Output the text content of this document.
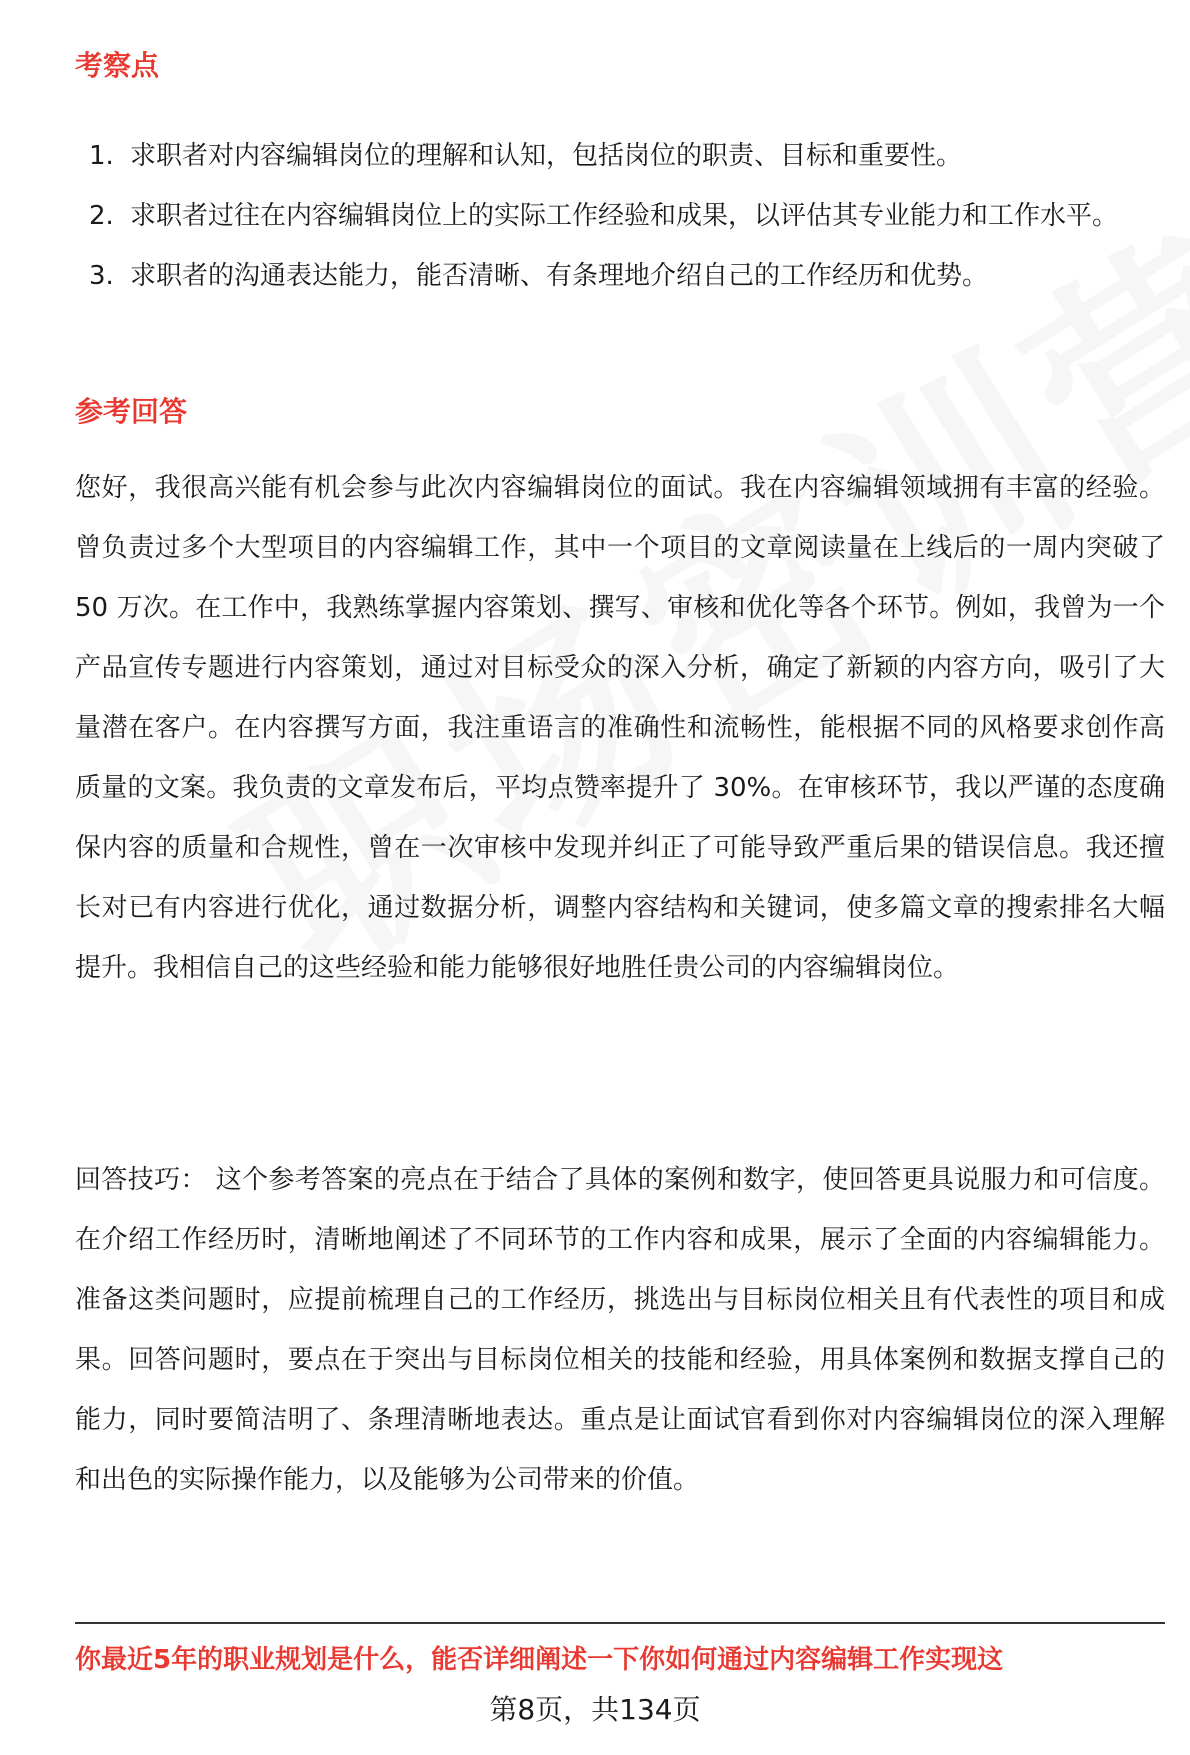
考察点
1. 求职者对内容编辑岗位的理解和认知，包括岗位的职责、目标和重要性。
2. 求职者过往在内容编辑岗位上的实际工作经验和成果，以评估其专业能力和工作水平。
3. 求职者的沟通表达能力，能否清晰、有条理地介绍自己的工作经历和优势。
参考回答

您好，我很高兴能有机会参与此次内容编辑岗位的面试。我在内容编辑领域拥有丰富的经验。曾负责过多个大型项目的内容编辑工作，其中一个项目的文章阅读量在上线后的一周内突破了 50 万次。在工作中，我熟练掌握内容策划、撰写、审核和优化等各个环节。例如，我曾为一个产品宣传专题进行内容策划，通过对目标受众的深入分析，确定了新颖的内容方向，吸引了大量潜在客户。在内容撰写方面，我注重语言的准确性和流畅性，能根据不同的风格要求创作高质量的文案。我负责的文章发布后，平均点赞率提升了 30%。在审核环节，我以严谨的态度确保内容的质量和合规性，曾在一次审核中发现并纠正了可能导致严重后果的错误信息。我还擅长对已有内容进行优化，通过数据分析，调整内容结构和关键词，使多篇文章的搜索排名大幅提升。我相信自己的这些经验和能力能够很好地胜任贵公司的内容编辑岗位。

回答技巧： 这个参考答案的亮点在于结合了具体的案例和数字，使回答更具说服力和可信度。在介绍工作经历时，清晰地阐述了不同环节的工作内容和成果，展示了全面的内容编辑能力。准备这类问题时，应提前梳理自己的工作经历，挑选出与目标岗位相关且有代表性的项目和成果。回答问题时，要点在于突出与目标岗位相关的技能和经验，用具体案例和数据支撑自己的能力，同时要简洁明了、条理清晰地表达。重点是让面试官看到你对内容编辑岗位的深入理解和出色的实际操作能力，以及能够为公司带来的价值。

你最近5年的职业规划是什么，能否详细阐述一下你如何通过内容编辑工作实现这
第8页，共134页
